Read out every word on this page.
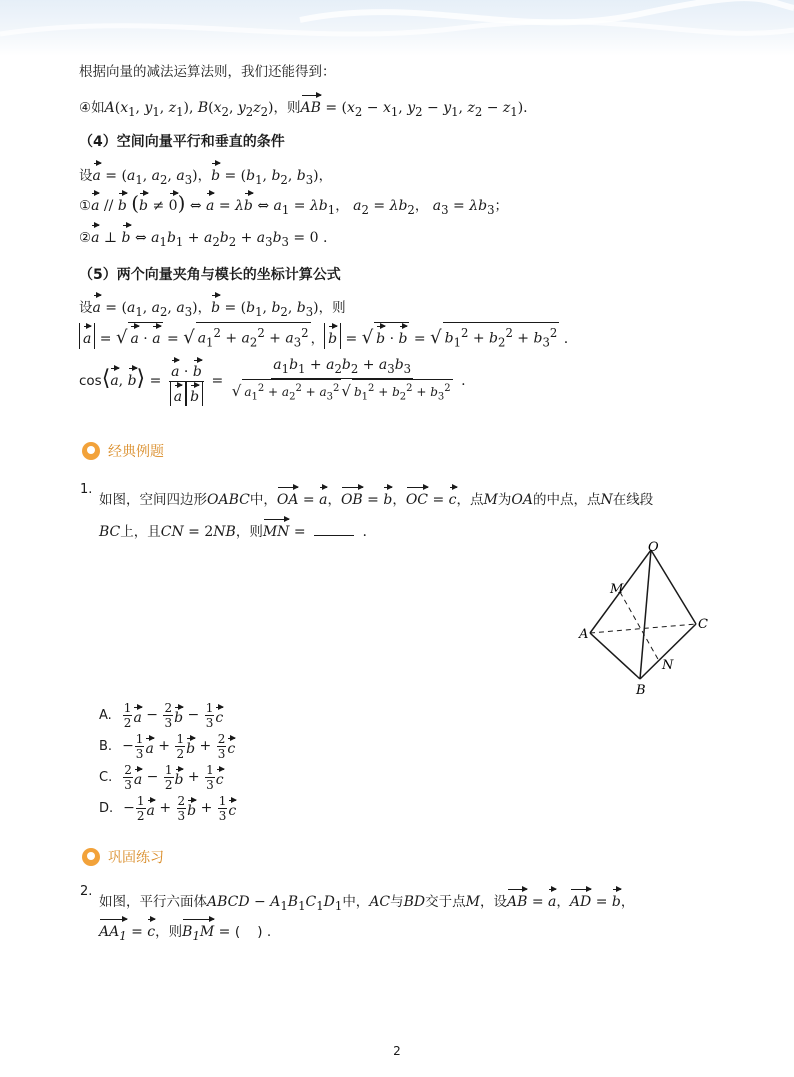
根据向量的减法运算法则，我们还能得到：
④如$A(x_1$, $y_1$, $z_1$), $B(x_2$, $y_2z_2$)，则AB = ($x_2 - x_1$, $y_2 - y_1$, $z_2 - z_1$).
（4）空间向量平行和垂直的条件
设$a = (a_1$, $a_2$, $a_3$)，$b = (b_1$, $b_2$, $b_3$)，
①a // b (b ≠ 0) ⇔ a = λb ⇔ $a_1 = \lambda b_1$， $a_2 = \lambda b_2$， $a_3 = \lambda b_3$；
②a ⊥ b ⇔ $a_1b_1 + a_2b_2 + a_3b_3 = 0$ .
（5）两个向量夹角与模长的坐标计算公式
设$a = (a_1$, $a_2$, $a_3$)，$b = (b_1$, $b_2$, $b_3$)，则
a = √ a · a = √ $a_1^2 + a_2^2 + a_3^2$ ， b = √ b · b = √ $b_1^2 + b_2^2 + b_3^2$ .
cos⟨a, b⟩ = $\frac{a \cdot b}{\text{a b}} = \frac{a_1b_1 + a_2b_2 + a_3b_3}{√ a_1^2 + a_2^2 + a_3^2 √ b_1^2 + b_2^2 + b_3^2}$ .
经典例题
1.
如图，空间四边形OABC中，OA = a，OB = b，OC = c，点M为OA的中点，点N在线段
BC上，且CN = 2NB，则MN =	.
O
M
A
C
N
B
A. $\frac{1}{2}$ $a - \frac{2}{3}$ $b - \frac{1}{3}$ c
B. − $\frac{1}{3}$ $a + \frac{1}{2}$ $b + \frac{2}{3}$ c
C. $\frac{2}{3}$ $a - \frac{1}{2}$ $b + \frac{1}{3}$ c
D. − $\frac{1}{2}$ $a + \frac{2}{3}$ $b + \frac{1}{3}$ c
巩固练习
2.
如图，平行六面体ABCD − $A_1B_1C_1D_1$中，AC与BD交于点M，设AB = a，AD = b，
$AA_1 = c$，则$B_1M$ = (    ) .
2
